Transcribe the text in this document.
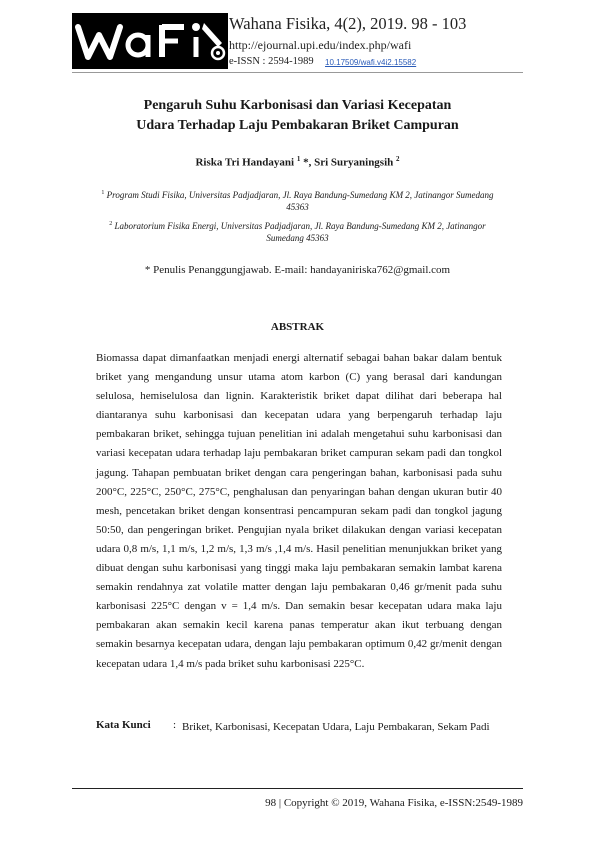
Wahana Fisika, 4(2), 2019. 98 - 103
http://ejournal.upi.edu/index.php/wafi
e-ISSN : 2594-1989 10.17509/wafi.v4i2.15582
Pengaruh Suhu Karbonisasi dan Variasi Kecepatan
Udara Terhadap Laju Pembakaran Briket Campuran
Riska Tri Handayani $^1$ *, Sri Suryaningsih $^2$
$^1$ Program Studi Fisika, Universitas Padjadjaran, Jl. Raya Bandung-Sumedang KM 2, Jatinangor Sumedang 45363
$^2$ Laboratorium Fisika Energi, Universitas Padjadjaran, Jl. Raya Bandung-Sumedang KM 2, Jatinangor Sumedang 45363
* Penulis Penanggungjawab. E-mail: handayaniriska762@gmail.com
ABSTRAK
Biomassa dapat dimanfaatkan menjadi energi alternatif sebagai bahan bakar dalam bentuk briket yang mengandung unsur utama atom karbon (C) yang berasal dari kandungan selulosa, hemiselulosa dan lignin. Karakteristik briket dapat dilihat dari beberapa hal diantaranya suhu karbonisasi dan kecepatan udara yang berpengaruh terhadap laju pembakaran briket, sehingga tujuan penelitian ini adalah mengetahui suhu karbonisasi dan variasi kecepatan udara terhadap laju pembakaran briket campuran sekam padi dan tongkol jagung. Tahapan pembuatan briket dengan cara pengeringan bahan, karbonisasi pada suhu 200°C, 225°C, 250°C, 275°C, penghalusan dan penyaringan bahan dengan ukuran butir 40 mesh, pencetakan briket dengan konsentrasi pencampuran sekam padi dan tongkol jagung 50:50, dan pengeringan briket. Pengujian nyala briket dilakukan dengan variasi kecepatan udara 0,8 m/s, 1,1 m/s, 1,2 m/s, 1,3 m/s ,1,4 m/s. Hasil penelitian menunjukkan briket yang dibuat dengan suhu karbonisasi yang tinggi maka laju pembakaran semakin lambat karena semakin rendahnya zat volatile matter dengan laju pembakaran 0,46 gr/menit pada suhu karbonisasi 225°C dengan v = 1,4 m/s. Dan semakin besar kecepatan udara maka laju pembakaran akan semakin kecil karena panas temperatur akan ikut terbuang dengan semakin besarnya kecepatan udara, dengan laju pembakaran optimum 0,42 gr/menit dengan kecepatan udara 1,4 m/s pada briket suhu karbonisasi 225°C.
Kata Kunci : Briket, Karbonisasi, Kecepatan Udara, Laju Pembakaran, Sekam Padi
98 | Copyright © 2019, Wahana Fisika, e-ISSN:2549-1989
